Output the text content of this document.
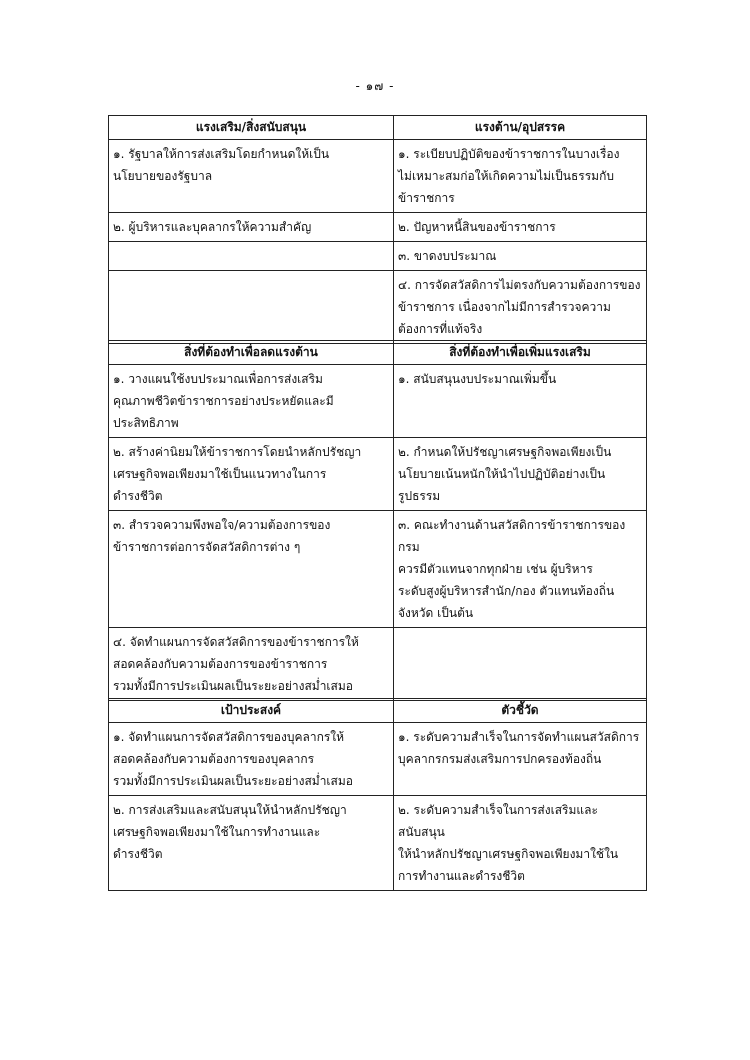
- ๑๗ -
แรงเสริม/สิ่งสนับสนุน	แรงต้าน/อุปสรรค

๑. รัฐบาลให้การส่งเสริมโดยกำหนดให้เป็น
นโยบายของรัฐบาล	๑. ระเบียบปฏิบัติของข้าราชการในบางเรื่อง
ไม่เหมาะสมก่อให้เกิดความไม่เป็นธรรมกับ
ข้าราชการ

๒. ผู้บริหารและบุคลากรให้ความสำคัญ	๒. ปัญหาหนี้สินของข้าราชการ

	๓. ขาดงบประมาณ

	๔. การจัดสวัสดิการไม่ตรงกับความต้องการของ
ข้าราชการ เนื่องจากไม่มีการสำรวจความ
ต้องการที่แท้จริง
สิ่งที่ต้องทำเพื่อลดแรงต้าน	สิ่งที่ต้องทำเพื่อเพิ่มแรงเสริม

๑. วางแผนใช้งบประมาณเพื่อการส่งเสริม
คุณภาพชีวิตข้าราชการอย่างประหยัดและมี
ประสิทธิภาพ	๑. สนับสนุนงบประมาณเพิ่มขึ้น

๒. สร้างค่านิยมให้ข้าราชการโดยนำหลักปรัชญา
เศรษฐกิจพอเพียงมาใช้เป็นแนวทางในการ
ดำรงชีวิต	๒. กำหนดให้ปรัชญาเศรษฐกิจพอเพียงเป็น
นโยบายเน้นหนักให้นำไปปฏิบัติอย่างเป็น
รูปธรรม

๓. สำรวจความพึงพอใจ/ความต้องการของ
ข้าราชการต่อการจัดสวัสดิการต่าง ๆ	๓. คณะทำงานด้านสวัสดิการข้าราชการของกรม
ควรมีตัวแทนจากทุกฝ่าย เช่น ผู้บริหาร
ระดับสูงผู้บริหารสำนัก/กอง ตัวแทนท้องถิ่น
จังหวัด เป็นต้น

๔. จัดทำแผนการจัดสวัสดิการของข้าราชการให้
สอดคล้องกับความต้องการของข้าราชการ
รวมทั้งมีการประเมินผลเป็นระยะอย่างสม่ำเสมอ	

เป้าประสงค์	ตัวชี้วัด

๑. จัดทำแผนการจัดสวัสดิการของบุคลากรให้
สอดคล้องกับความต้องการของบุคลากร
รวมทั้งมีการประเมินผลเป็นระยะอย่างสม่ำเสมอ	๑. ระดับความสำเร็จในการจัดทำแผนสวัสดิการ
บุคลากรกรมส่งเสริมการปกครองท้องถิ่น

๒. การส่งเสริมและสนับสนุนให้นำหลักปรัชญา
เศรษฐกิจพอเพียงมาใช้ในการทำงานและ
ดำรงชีวิต	๒. ระดับความสำเร็จในการส่งเสริมและสนับสนุน
ให้นำหลักปรัชญาเศรษฐกิจพอเพียงมาใช้ใน
การทำงานและดำรงชีวิต
